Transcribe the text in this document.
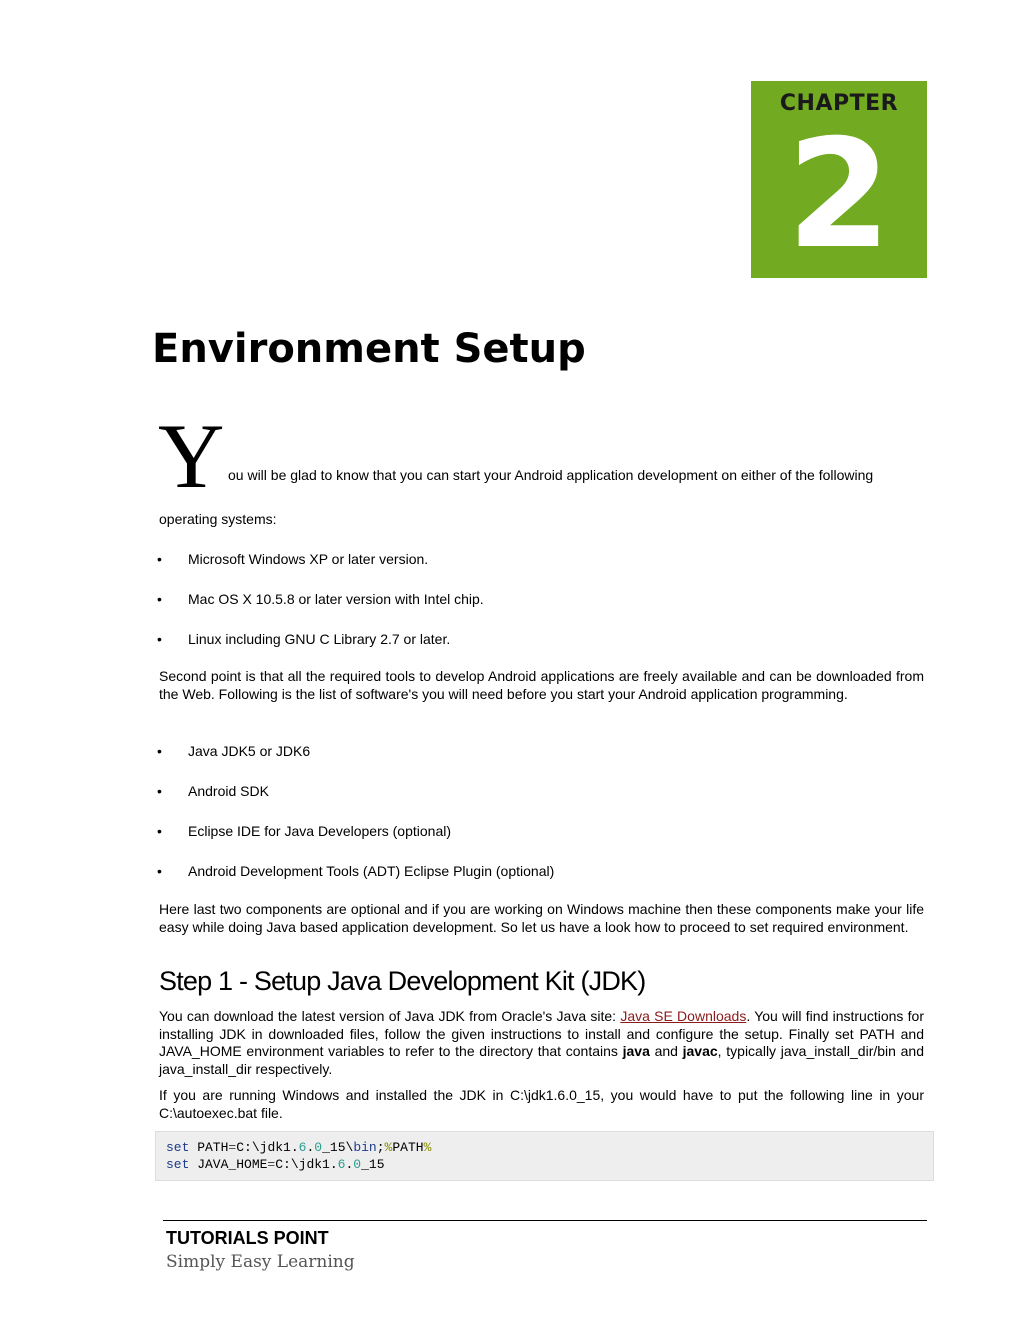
CHAPTER
2
Environment Setup
Y ou will be glad to know that you can start your Android application development on either of the following
operating systems:
• Microsoft Windows XP or later version.
• Mac OS X 10.5.8 or later version with Intel chip.
• Linux including GNU C Library 2.7 or later.
Second point is that all the required tools to develop Android applications are freely available and can be downloaded from the Web. Following is the list of software's you will need before you start your Android application programming.
• Java JDK5 or JDK6
• Android SDK
• Eclipse IDE for Java Developers (optional)
• Android Development Tools (ADT) Eclipse Plugin (optional)
Here last two components are optional and if you are working on Windows machine then these components make your life easy while doing Java based application development. So let us have a look how to proceed to set required environment.
Step 1 - Setup Java Development Kit (JDK)
You can download the latest version of Java JDK from Oracle's Java site: Java SE Downloads. You will find instructions for installing JDK in downloaded files, follow the given instructions to install and configure the setup. Finally set PATH and JAVA_HOME environment variables to refer to the directory that contains java and javac, typically java_install_dir/bin and java_install_dir respectively.
If you are running Windows and installed the JDK in C:\jdk1.6.0_15, you would have to put the following line in your C:\autoexec.bat file.
set PATH=C:\jdk1.6.0_15\bin;%PATH%
set JAVA_HOME=C:\jdk1.6.0_15
TUTORIALS POINT
Simply Easy Learning
